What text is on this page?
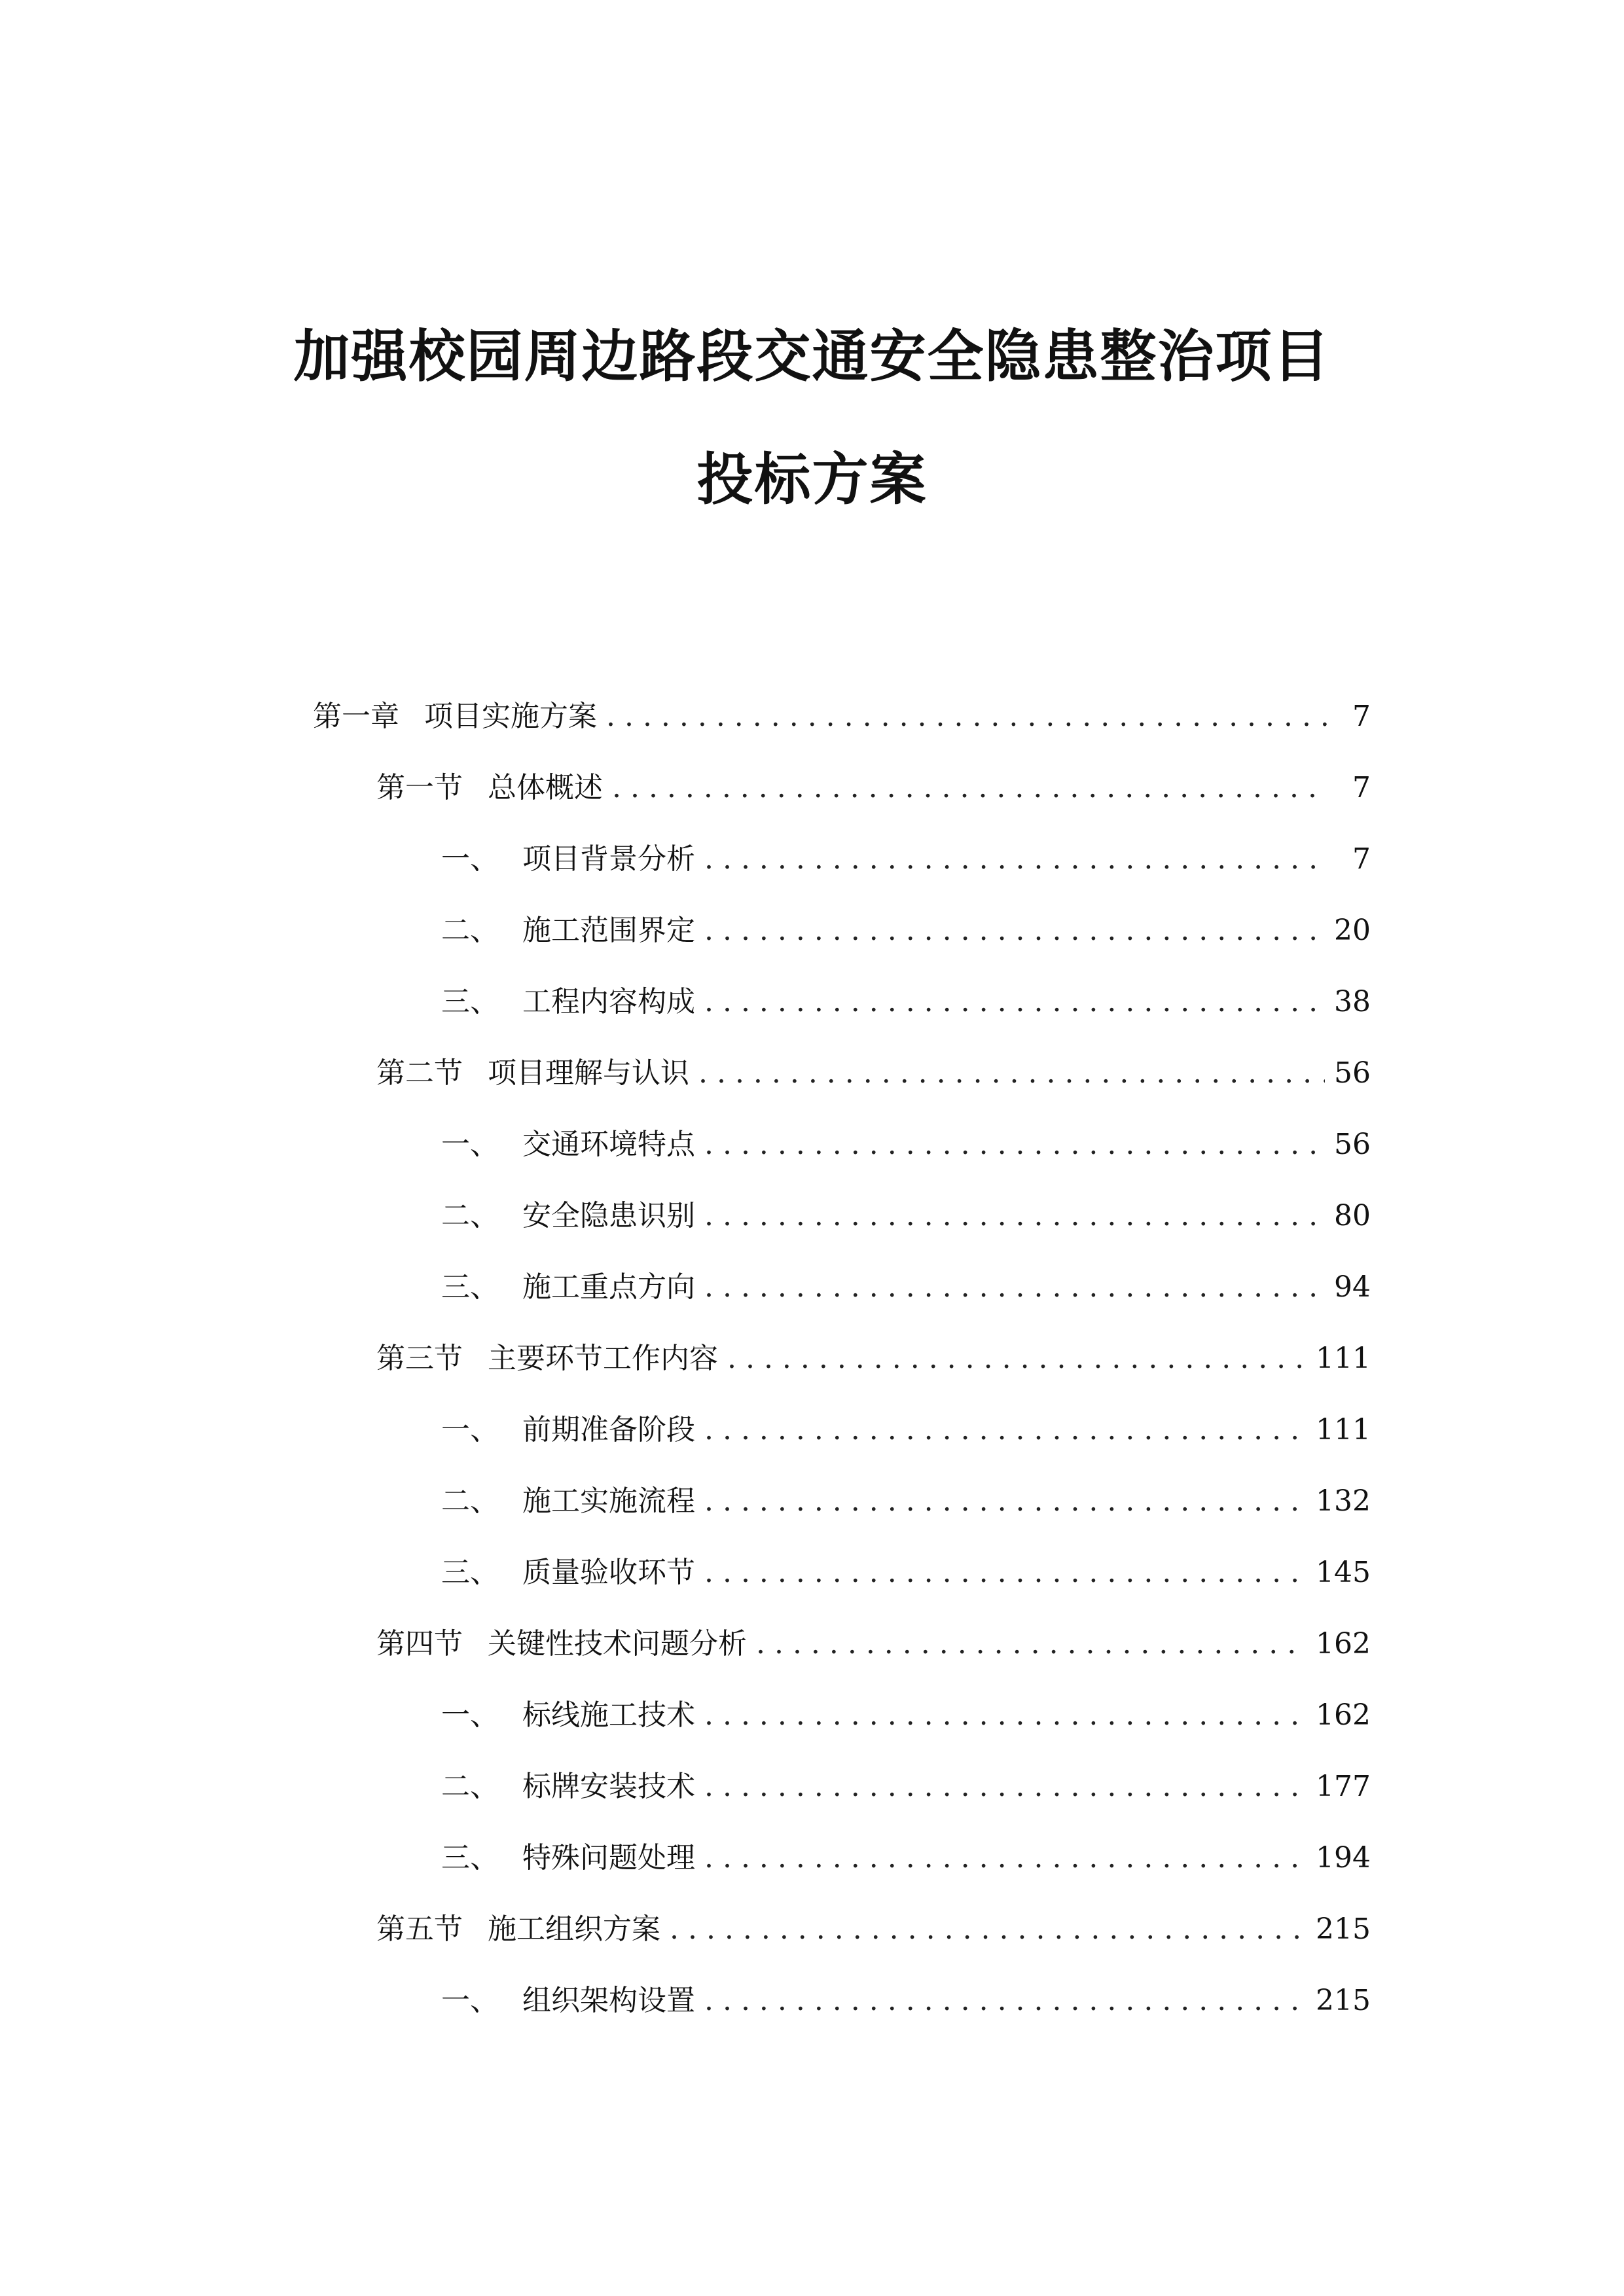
加强校园周边路段交通安全隐患整治项目

投标方案

第一章 项目实施方案 . . .	7
第一节 总体概述 . . .	7
一、 项目背景分析 . . .	7
二、 施工范围界定 . . .	20
三、 工程内容构成 . . .	38
第二节 项目理解与认识 . . .	56
一、 交通环境特点 . . .	56
二、 安全隐患识别 . . .	80
三、 施工重点方向 . . .	94
第三节 主要环节工作内容 . . .	111
一、 前期准备阶段 . . .	111
二、 施工实施流程 . . .	132
三、 质量验收环节 . . .	145
第四节 关键性技术问题分析 . . .	162
一、 标线施工技术 . . .	162
二、 标牌安装技术 . . .	177
三、 特殊问题处理 . . .	194
第五节 施工组织方案 . . .	215
一、 组织架构设置 . . .	215
